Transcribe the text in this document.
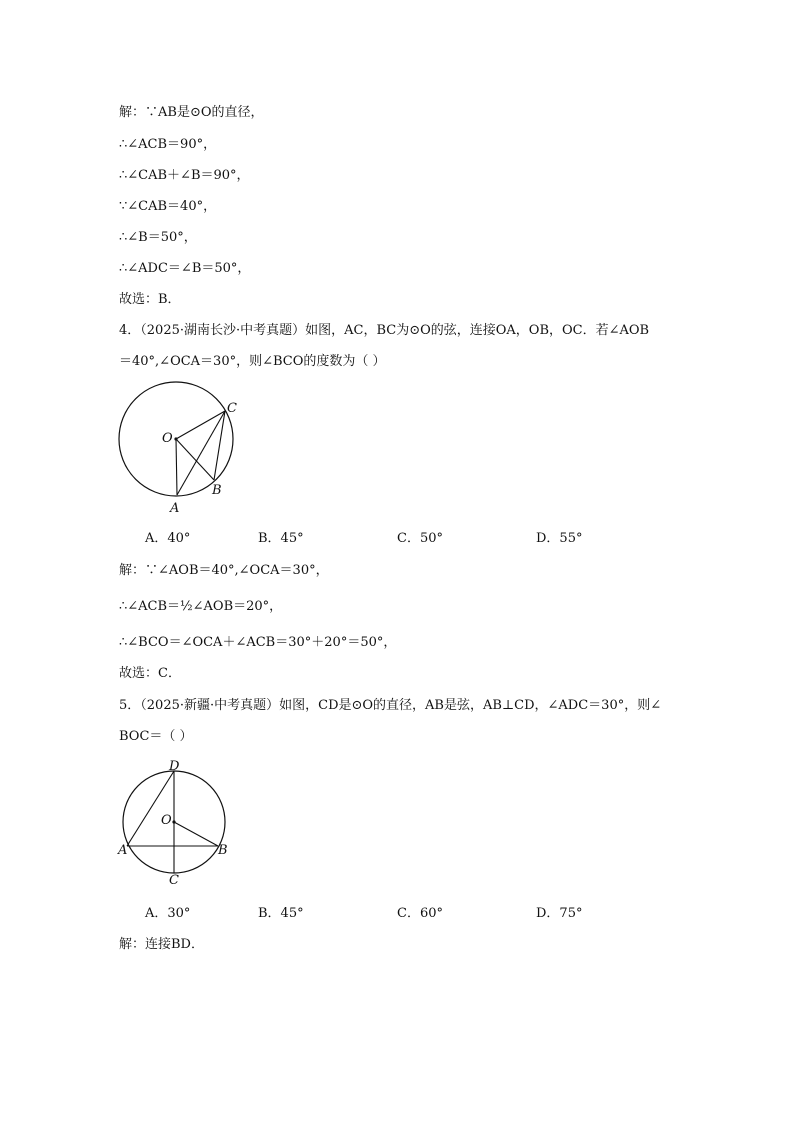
解：∵AB是⊙O的直径，
∴∠ACB＝90°，
∴∠CAB＋∠B＝90°，
∵∠CAB＝40°，
∴∠B＝50°，
∴∠ADC＝∠B＝50°，
故选：B．
4．（2025·湖南长沙·中考真题）如图，AC，BC为⊙O的弦，连接OA，OB，OC．若∠AOB
＝40°,∠OCA＝30°，则∠BCO的度数为（ ）
O
C
B
A
A．40°	B．45°	C．50°	D．55°
解：∵∠AOB＝40°,∠OCA＝30°，
∴∠ACB＝½∠AOB＝20°，
∴∠BCO＝∠OCA＋∠ACB＝30°＋20°＝50°，
故选：C．
5．（2025·新疆·中考真题）如图，CD是⊙O的直径，AB是弦，AB⊥CD，∠ADC＝30°，则∠
BOC＝（ ）
D
O
A	B
C
A．30°	B．45°	C．60°	D．75°
解：连接BD．
